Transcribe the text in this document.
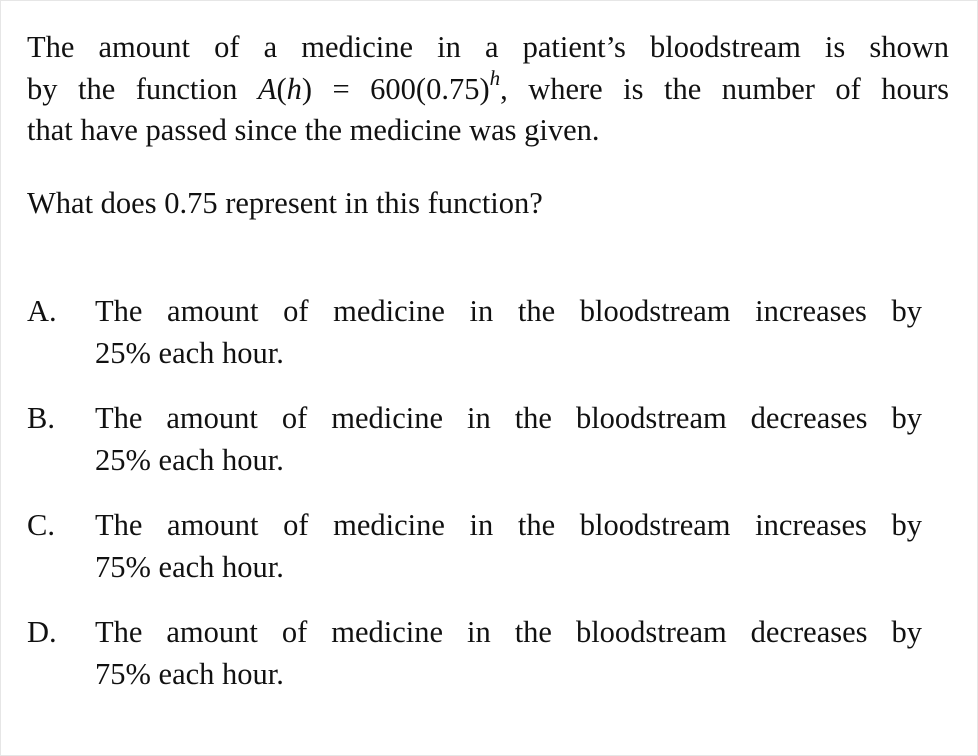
The amount of a medicine in a patient’s bloodstream is shown
by the function $A(h) = 600(0.75)^h$, where is the number of hours
that have passed since the medicine was given.
What does 0.75 represent in this function?
A. The amount of medicine in the bloodstream increases by
25% each hour.
B. The amount of medicine in the bloodstream decreases by
25% each hour.
C. The amount of medicine in the bloodstream increases by
75% each hour.
D. The amount of medicine in the bloodstream decreases by
75% each hour.
